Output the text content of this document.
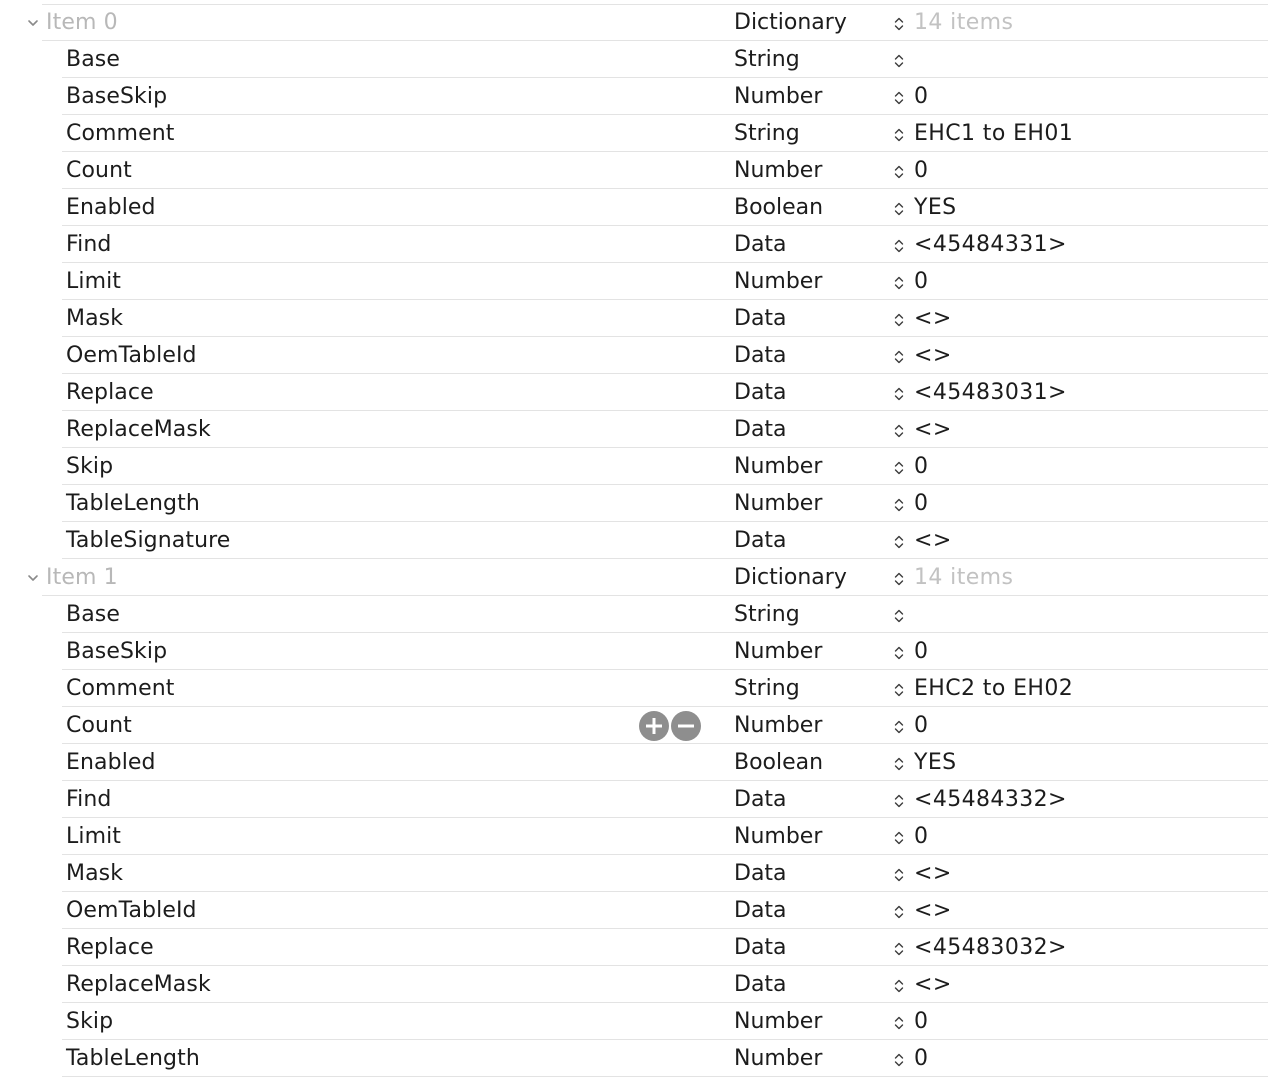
Item 0	Dictionary	14 items
Base	String
BaseSkip	Number	0
Comment	String	EHC1 to EH01
Count	Number	0
Enabled	Boolean	YES
Find	Data	<45484331>
Limit	Number	0
Mask	Data	<>
OemTableId	Data	<>
Replace	Data	<45483031>
ReplaceMask	Data	<>
Skip	Number	0
TableLength	Number	0
TableSignature	Data	<>
Item 1	Dictionary	14 items
Base	String
BaseSkip	Number	0
Comment	String	EHC2 to EH02
Count	Number	0
Enabled	Boolean	YES
Find	Data	<45484332>
Limit	Number	0
Mask	Data	<>
OemTableId	Data	<>
Replace	Data	<45483032>
ReplaceMask	Data	<>
Skip	Number	0
TableLength	Number	0
